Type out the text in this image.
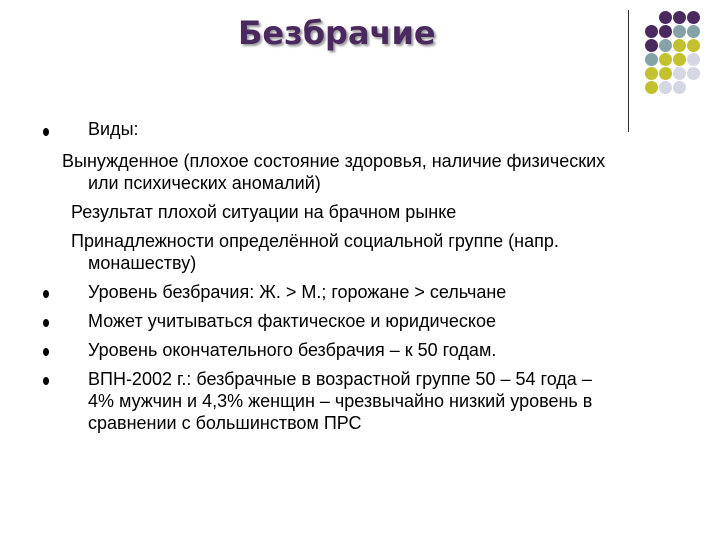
Безбрачие
Виды:
Вынужденное (плохое состояние здоровья, наличие физических
или психических аномалий)
Результат плохой ситуации на брачном рынке
Принадлежности определённой социальной группе (напр.
монашеству)
Уровень безбрачия: Ж. > М.; горожане > сельчане
Может учитываться фактическое и юридическое
Уровень окончательного безбрачия – к 50 годам.
ВПН-2002 г.: безбрачные в возрастной группе 50 – 54 года –
4% мужчин и 4,3% женщин – чрезвычайно низкий уровень в
сравнении с большинством ПРС
